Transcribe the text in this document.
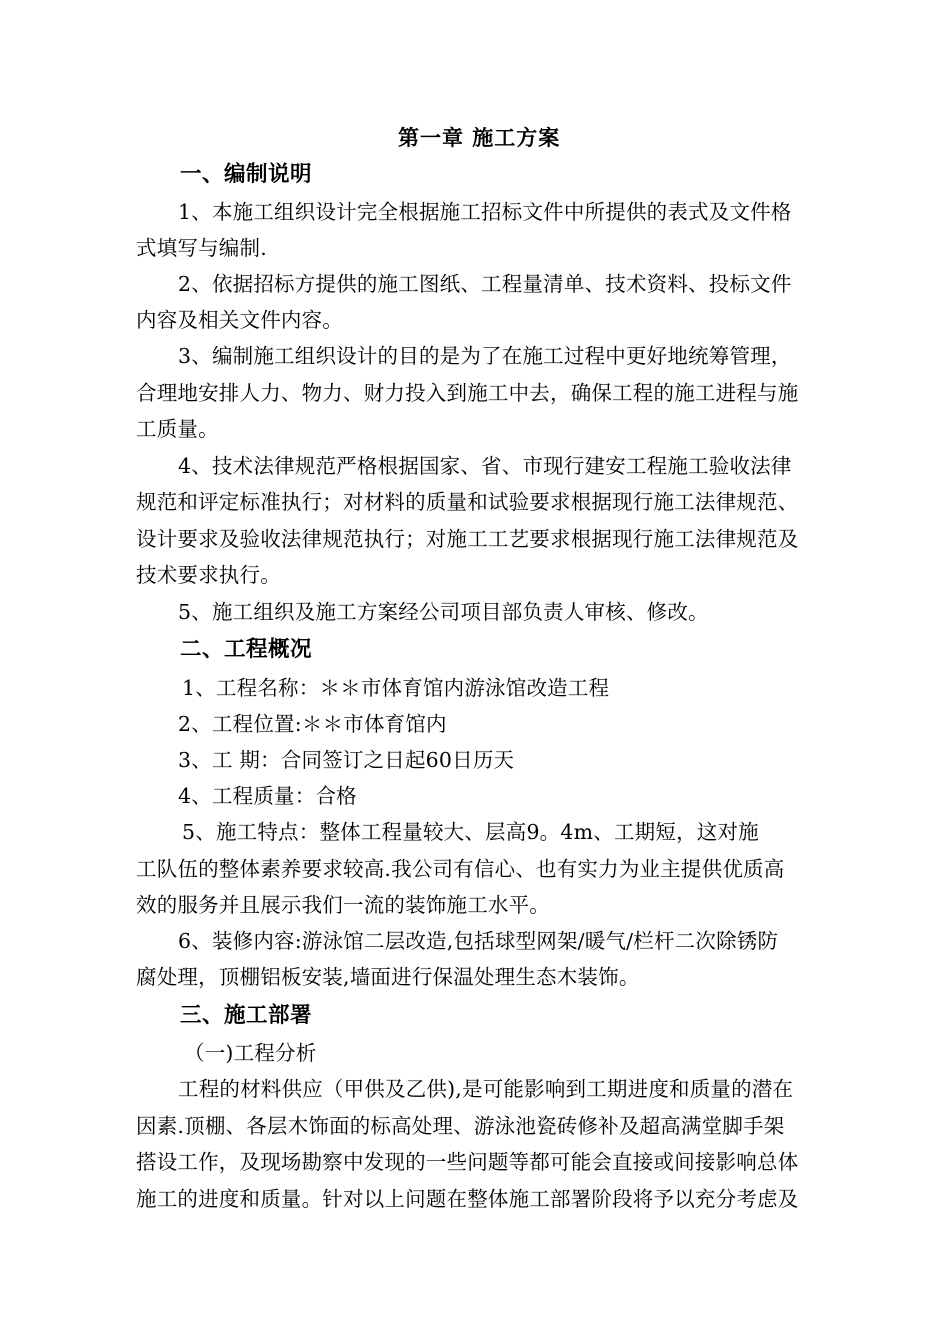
第一章 施工方案
一、编制说明
1、本施工组织设计完全根据施工招标文件中所提供的表式及文件格
式填写与编制.
2、依据招标方提供的施工图纸、工程量清单、技术资料、投标文件
内容及相关文件内容。
3、编制施工组织设计的目的是为了在施工过程中更好地统筹管理，
合理地安排人力、物力、财力投入到施工中去，确保工程的施工进程与施
工质量。
4、技术法律规范严格根据国家、省、市现行建安工程施工验收法律
规范和评定标准执行；对材料的质量和试验要求根据现行施工法律规范、
设计要求及验收法律规范执行；对施工工艺要求根据现行施工法律规范及
技术要求执行。
5、施工组织及施工方案经公司项目部负责人审核、修改。
二、工程概况
1、工程名称：＊＊市体育馆内游泳馆改造工程
2、工程位置:＊＊市体育馆内
3、工 期：合同签订之日起60日历天
4、工程质量：合格
5、施工特点：整体工程量较大、层高9。4m、工期短，这对施
工队伍的整体素养要求较高.我公司有信心、也有实力为业主提供优质高
效的服务并且展示我们一流的装饰施工水平。
6、装修内容:游泳馆二层改造,包括球型网架/暖气/栏杆二次除锈防
腐处理，顶棚铝板安装,墙面进行保温处理生态木装饰。
三、施工部署
（一)工程分析
工程的材料供应（甲供及乙供),是可能影响到工期进度和质量的潜在
因素.顶棚、各层木饰面的标高处理、游泳池瓷砖修补及超高满堂脚手架
搭设工作，及现场勘察中发现的一些问题等都可能会直接或间接影响总体
施工的进度和质量。针对以上问题在整体施工部署阶段将予以充分考虑及
